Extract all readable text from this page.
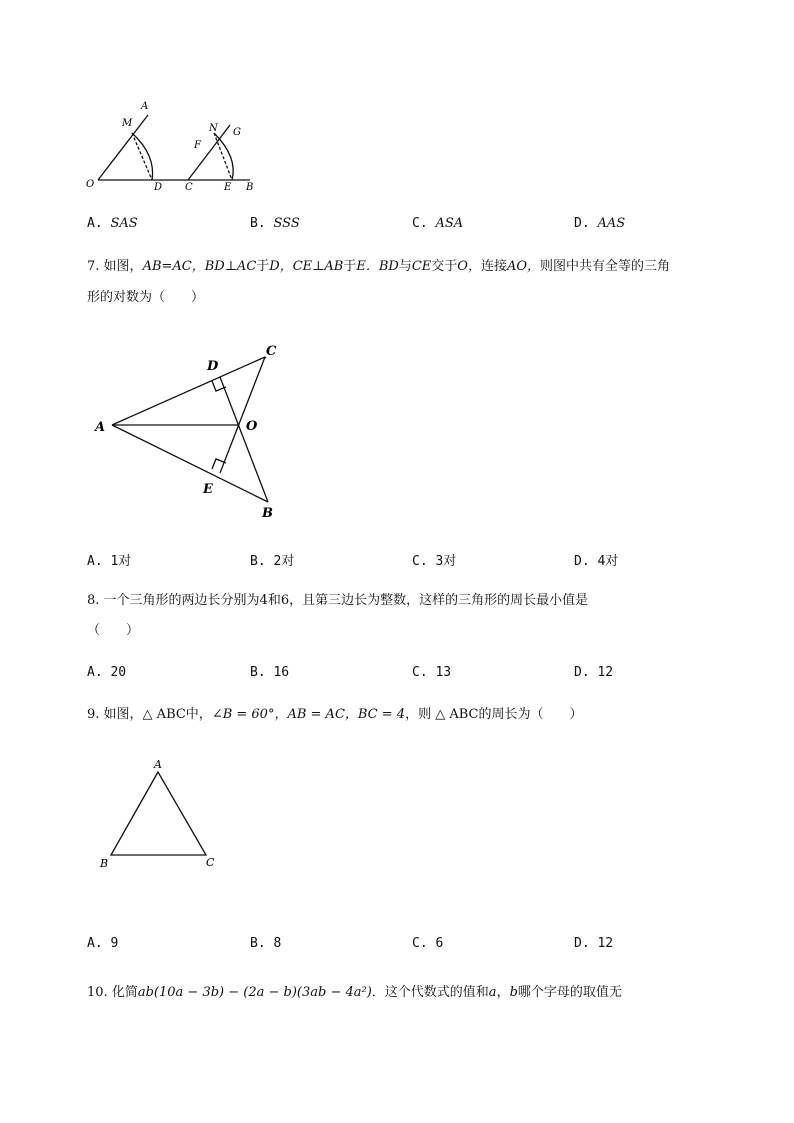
A
M
O	D C
N G
F
E B
A. SAS	B. SSS	C. ASA	D. AAS
7. 如图，AB=AC，BD⊥AC于D，CE⊥AB于E．BD与CE交于O，连接AO，则图中共有全等的三角
形的对数为（　　）
A
D
C
O
E
B
A. 1对	B. 2对	C. 3对	D. 4对
8. 一个三角形的两边长分别为4和6，且第三边长为整数，这样的三角形的周长最小值是
（　　）
A. 20	B. 16	C. 13	D. 12
9. 如图，△ ABC中，∠B = 60°，AB = AC，BC = 4，则 △ ABC的周长为（　　）
A
B	C
A. 9	B. 8	C. 6	D. 12
10. 化简ab(10a − 3b) − (2a − b)(3ab − 4a²)．这个代数式的值和a，b哪个字母的取值无
